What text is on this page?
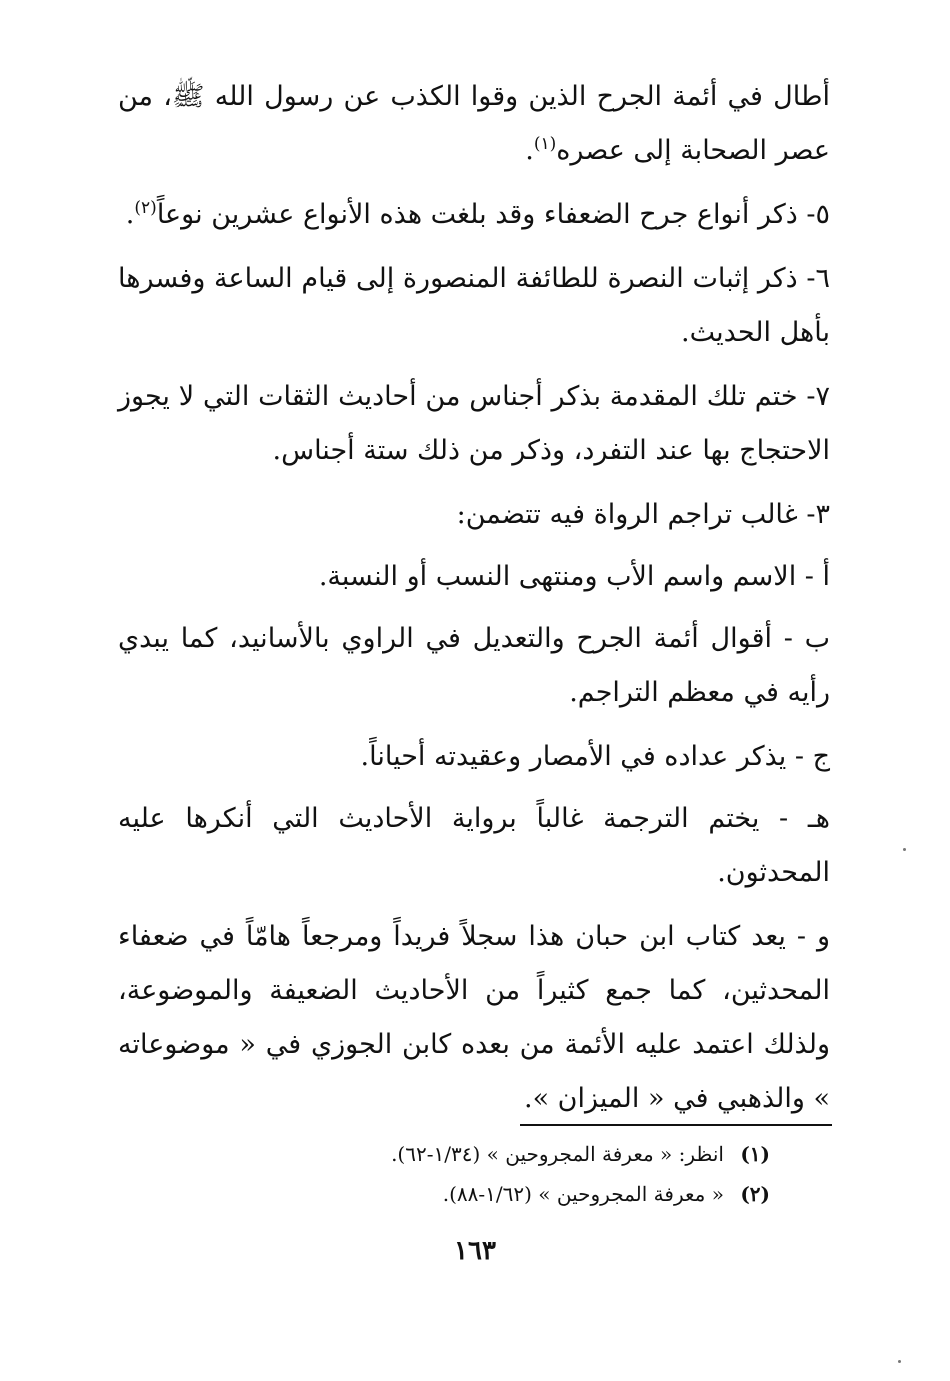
أطال في أئمة الجرح الذين وقوا الكذب عن رسول الله ﷺ، من عصر الصحابة إلى عصره$^{(١)}$.

٥- ذكر أنواع جرح الضعفاء وقد بلغت هذه الأنواع عشرين نوعاً$^{(٢)}$.

٦- ذكر إثبات النصرة للطائفة المنصورة إلى قيام الساعة وفسرها بأهل الحديث.

٧- ختم تلك المقدمة بذكر أجناس من أحاديث الثقات التي لا يجوز الاحتجاج بها عند التفرد، وذكر من ذلك ستة أجناس.

٣- غالب تراجم الرواة فيه تتضمن:

أ - الاسم واسم الأب ومنتهى النسب أو النسبة.

ب - أقوال أئمة الجرح والتعديل في الراوي بالأسانيد، كما يبدي رأيه في معظم التراجم.

ج - يذكر عداده في الأمصار وعقيدته أحياناً.

هـ - يختم الترجمة غالباً برواية الأحاديث التي أنكرها عليه المحدثون.

و - يعد كتاب ابن حبان هذا سجلاً فريداً ومرجعاً هامّاً في ضعفاء المحدثين، كما جمع كثيراً من الأحاديث الضعيفة والموضوعة، ولذلك اعتمد عليه الأئمة من بعده كابن الجوزي في « موضوعاته » والذهبي في « الميزان ».

(١) انظر: « معرفة المجروحين » (١/٣٤-٦٢).
(٢) « معرفة المجروحين » (١/٦٢-٨٨).
١٦٣
